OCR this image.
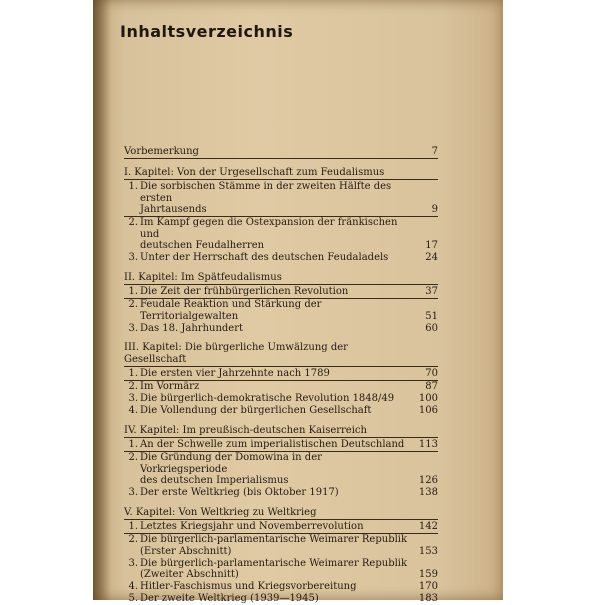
Inhaltsverzeichnis
Vorbemerkung	7
I. Kapitel: Von der Urgesellschaft zum Feudalismus
1. Die sorbischen Stämme in der zweiten Hälfte des ersten
Jahrtausends	9
2. Im Kampf gegen die Ostexpansion der fränkischen und
deutschen Feudalherren	17
3. Unter der Herrschaft des deutschen Feudaladels	24
II. Kapitel: Im Spätfeudalismus
1. Die Zeit der frühbürgerlichen Revolution	37
2. Feudale Reaktion und Stärkung der Territorialgewalten	51
3. Das 18. Jahrhundert	60
III. Kapitel: Die bürgerliche Umwälzung der Gesellschaft
1. Die ersten vier Jahrzehnte nach 1789	70
2. Im Vormärz	87
3. Die bürgerlich-demokratische Revolution 1848/49	100
4. Die Vollendung der bürgerlichen Gesellschaft	106
IV. Kapitel: Im preußisch-deutschen Kaiserreich
1. An der Schwelle zum imperialistischen Deutschland	113
2. Die Gründung der Domowina in der Vorkriegsperiode
des deutschen Imperialismus	126
3. Der erste Weltkrieg (bis Oktober 1917)	138
V. Kapitel: Von Weltkrieg zu Weltkrieg
1. Letztes Kriegsjahr und Novemberrevolution	142
2. Die bürgerlich-parlamentarische Weimarer Republik
(Erster Abschnitt)	153
3. Die bürgerlich-parlamentarische Weimarer Republik
(Zweiter Abschnitt)	159
4. Hitler-Faschismus und Kriegsvorbereitung	170
5. Der zweite Weltkrieg (1939—1945)	183
